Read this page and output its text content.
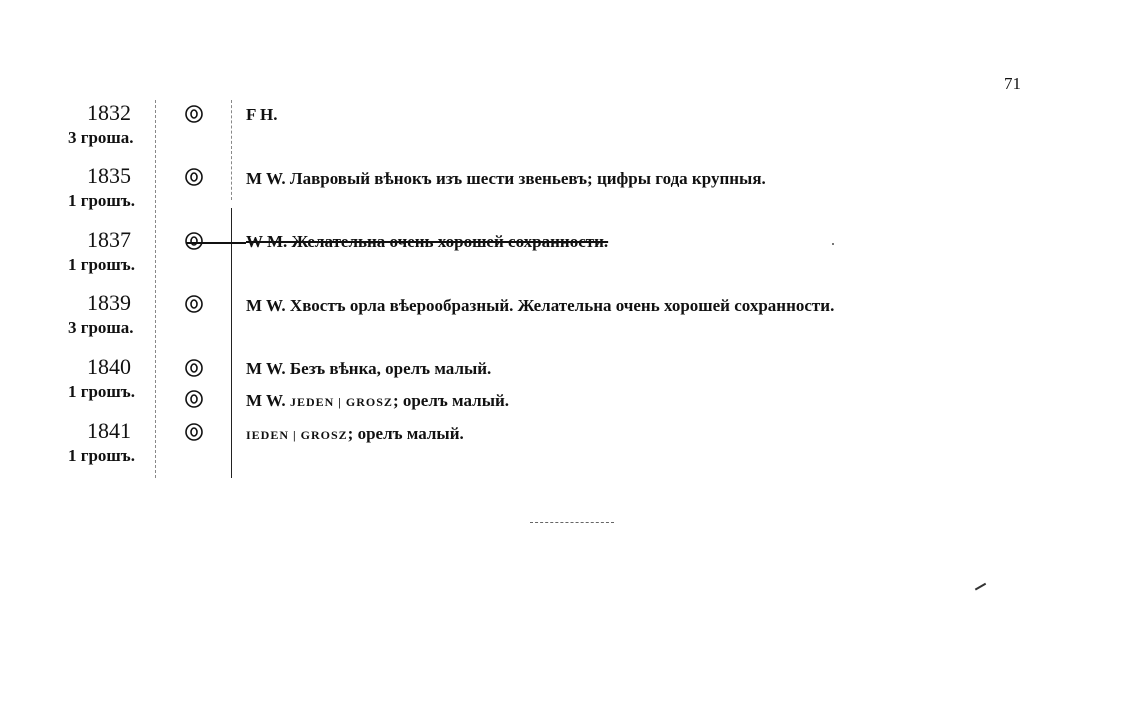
71
1832
3 гроша.
F H.
1835
1 грошъ.
M W. Лавровый вѣнокъ изъ шести звеньевъ; цифры года крупныя.
1837
1 грошъ.
W M. Желательна очень хорошей сохранности.
1839
3 гроша.
M W. Хвостъ орла вѣерообразный. Желательна очень хорошей сохранности.
1840
1 грошъ.
M W. Безъ вѣнка, орелъ малый.
M W. JEDEN | GROSZ; орелъ малый.
1841
1 грошъ.
IEDEN | GROSZ; орелъ малый.
